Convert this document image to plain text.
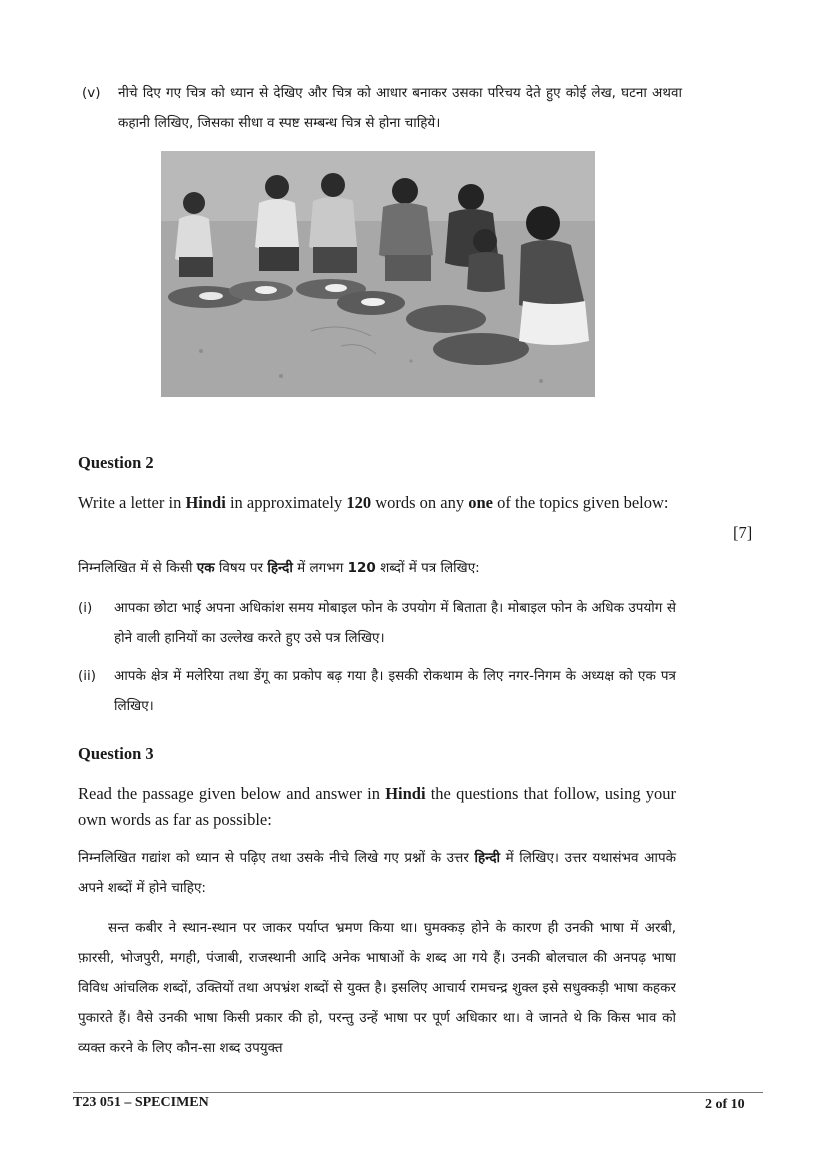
(v) नीचे दिए गए चित्र को ध्यान से देखिए और चित्र को आधार बनाकर उसका परिचय देते हुए कोई लेख, घटना अथवा कहानी लिखिए, जिसका सीधा व स्पष्ट सम्बन्ध चित्र से होना चाहिये।
Question 2
Write a letter in Hindi in approximately 120 words on any one of the topics given below:
[7]
निम्नलिखित में से किसी एक विषय पर हिन्दी में लगभग 120 शब्दों में पत्र लिखिए:
(i) आपका छोटा भाई अपना अधिकांश समय मोबाइल फोन के उपयोग में बिताता है। मोबाइल फोन के अधिक उपयोग से होने वाली हानियों का उल्लेख करते हुए उसे पत्र लिखिए।
(ii) आपके क्षेत्र में मलेरिया तथा डेंगू का प्रकोप बढ़ गया है। इसकी रोकथाम के लिए नगर-निगम के अध्यक्ष को एक पत्र लिखिए।
Question 3
Read the passage given below and answer in Hindi the questions that follow, using your own words as far as possible:
निम्नलिखित गद्यांश को ध्यान से पढ़िए तथा उसके नीचे लिखे गए प्रश्नों के उत्तर हिन्दी में लिखिए। उत्तर यथासंभव आपके अपने शब्दों में होने चाहिए:
सन्त कबीर ने स्थान-स्थान पर जाकर पर्याप्त भ्रमण किया था। घुमक्कड़ होने के कारण ही उनकी भाषा में अरबी, फ़ारसी, भोजपुरी, मगही, पंजाबी, राजस्थानी आदि अनेक भाषाओं के शब्द आ गये हैं। उनकी बोलचाल की अनपढ़ भाषा विविध आंचलिक शब्दों, उक्तियों तथा अपभ्रंश शब्दों से युक्त है। इसलिए आचार्य रामचन्द्र शुक्ल इसे सधुक्कड़ी भाषा कहकर पुकारते हैं। वैसे उनकी भाषा किसी प्रकार की हो, परन्तु उन्हें भाषा पर पूर्ण अधिकार था। वे जानते थे कि किस भाव को व्यक्त करने के लिए कौन-सा शब्द उपयुक्त
T23 051 – SPECIMEN	2 of 10
